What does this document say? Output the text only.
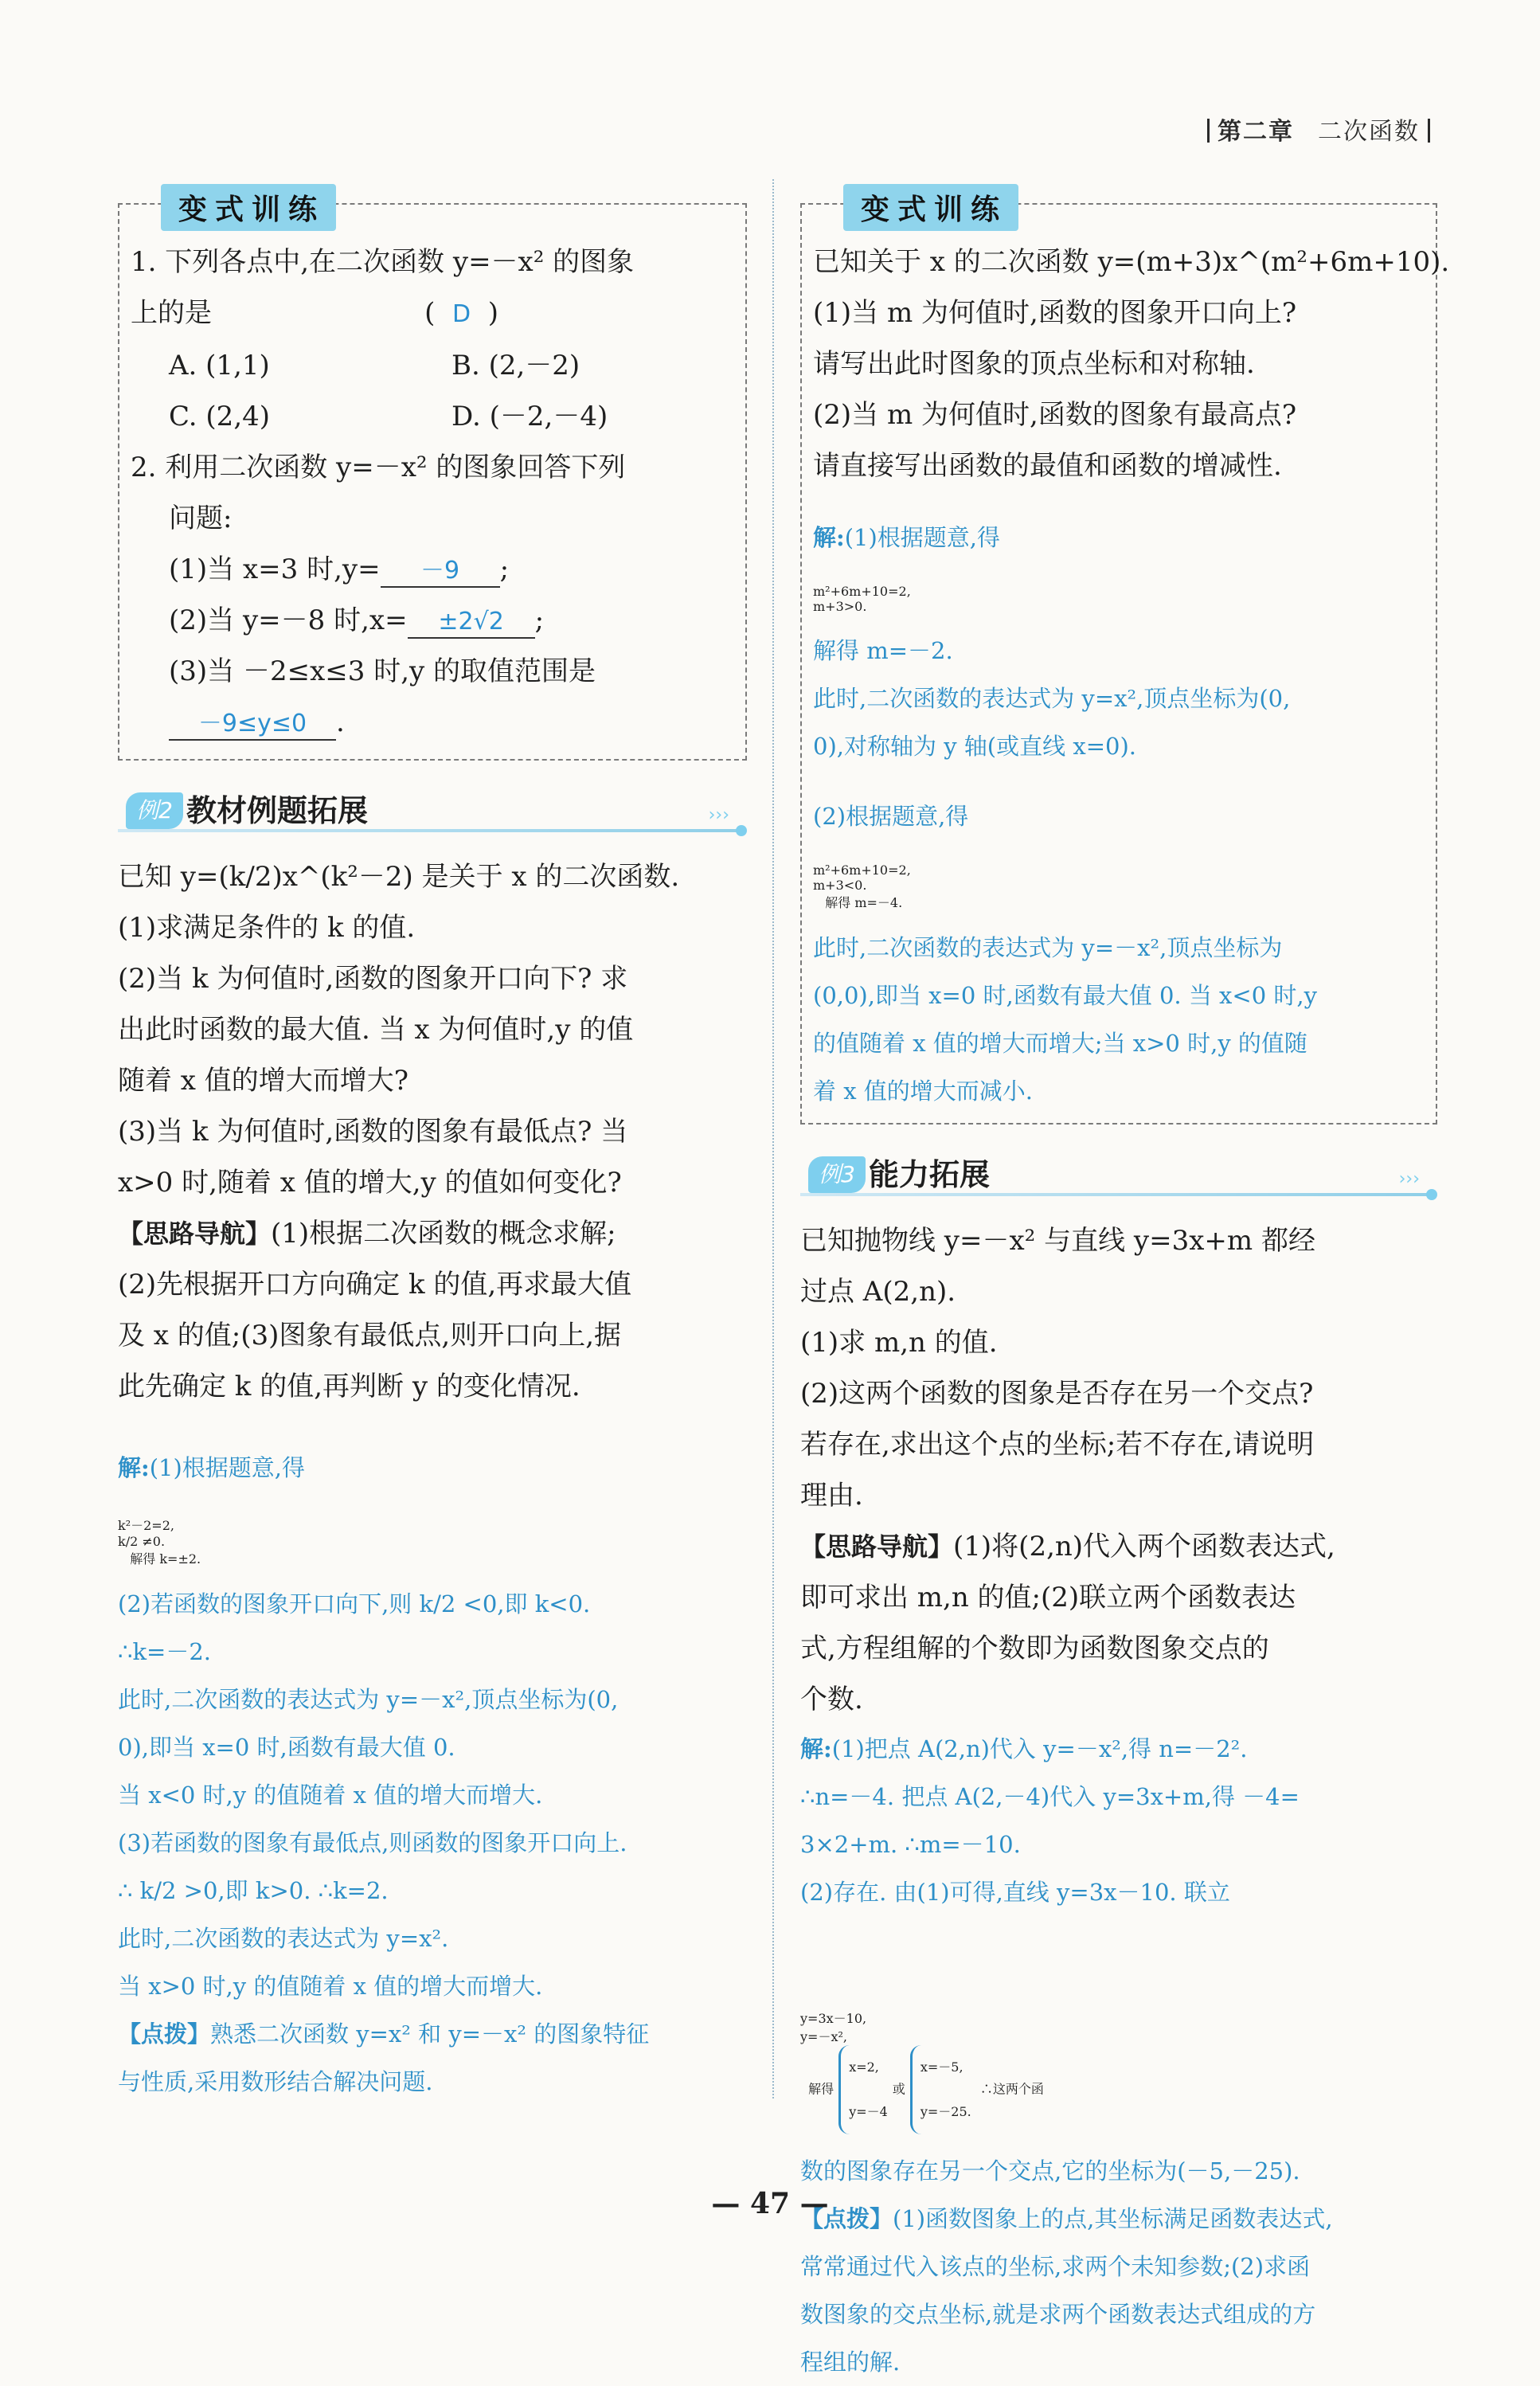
第二章 二次函数
变式训练

1. 下列各点中,在二次函数 y=－x² 的图象

上的是	( D )

A. (1,1)	B. (2,－2)
C. (2,4)	D. (－2,－4)

2. 利用二次函数 y=－x² 的图象回答下列

问题:

(1)当 x=3 时,y= －9 ;

(2)当 y=－8 时,x= ±2√2 ;

(3)当 －2≤x≤3 时,y 的取值范围是

－9≤y≤0 .

›››
例2 教材例题拓展

已知 y=(k/2)x^(k²－2) 是关于 x 的二次函数.

(1)求满足条件的 k 的值.

(2)当 k 为何值时,函数的图象开口向下? 求

出此时函数的最大值. 当 x 为何值时,y 的值

随着 x 值的增大而增大?

(3)当 k 为何值时,函数的图象有最低点? 当

x>0 时,随着 x 值的增大,y 的值如何变化?

【思路导航】(1)根据二次函数的概念求解;

(2)先根据开口方向确定 k 的值,再求最大值

及 x 的值;(3)图象有最低点,则开口向上,据

此先确定 k 的值,再判断 y 的变化情况.

解:(1)根据题意,得

k²－2=2,
k/2 ≠0.
解得 k=±2.

(2)若函数的图象开口向下,则 k/2 <0,即 k<0.

∴k=－2.

此时,二次函数的表达式为 y=－x²,顶点坐标为(0,

0),即当 x=0 时,函数有最大值 0.

当 x<0 时,y 的值随着 x 值的增大而增大.

(3)若函数的图象有最低点,则函数的图象开口向上.

∴ k/2 >0,即 k>0. ∴k=2.

此时,二次函数的表达式为 y=x².

当 x>0 时,y 的值随着 x 值的增大而增大.

【点拨】熟悉二次函数 y=x² 和 y=－x² 的图象特征

与性质,采用数形结合解决问题.

变式训练

已知关于 x 的二次函数 y=(m+3)x^(m²+6m+10).

(1)当 m 为何值时,函数的图象开口向上?

请写出此时图象的顶点坐标和对称轴.

(2)当 m 为何值时,函数的图象有最高点?

请直接写出函数的最值和函数的增减性.

解:(1)根据题意,得

m²+6m+10=2,
m+3>0.

解得 m=－2.

此时,二次函数的表达式为 y=x²,顶点坐标为(0,

0),对称轴为 y 轴(或直线 x=0).

(2)根据题意,得

m²+6m+10=2,
m+3<0.
解得 m=－4.

此时,二次函数的表达式为 y=－x²,顶点坐标为

(0,0),即当 x=0 时,函数有最大值 0. 当 x<0 时,y

的值随着 x 值的增大而增大;当 x>0 时,y 的值随

着 x 值的增大而减小.

›››
例3 能力拓展

已知抛物线 y=－x² 与直线 y=3x+m 都经

过点 A(2,n).

(1)求 m,n 的值.

(2)这两个函数的图象是否存在另一个交点?

若存在,求出这个点的坐标;若不存在,请说明

理由.

【思路导航】(1)将(2,n)代入两个函数表达式,

即可求出 m,n 的值;(2)联立两个函数表达

式,方程组解的个数即为函数图象交点的

个数.

解:(1)把点 A(2,n)代入 y=－x²,得 n=－2².

∴n=－4. 把点 A(2,－4)代入 y=3x+m,得 －4=

3×2+m. ∴m=－10.

(2)存在. 由(1)可得,直线 y=3x－10. 联立

y=3x－10,
y=－x²,
解得
x=2,
y=－4
或
x=－5,
y=－25.
∴这两个函

数的图象存在另一个交点,它的坐标为(－5,－25).

【点拨】(1)函数图象上的点,其坐标满足函数表达式,

常常通过代入该点的坐标,求两个未知参数;(2)求函

数图象的交点坐标,就是求两个函数表达式组成的方

程组的解.

— 47 —
